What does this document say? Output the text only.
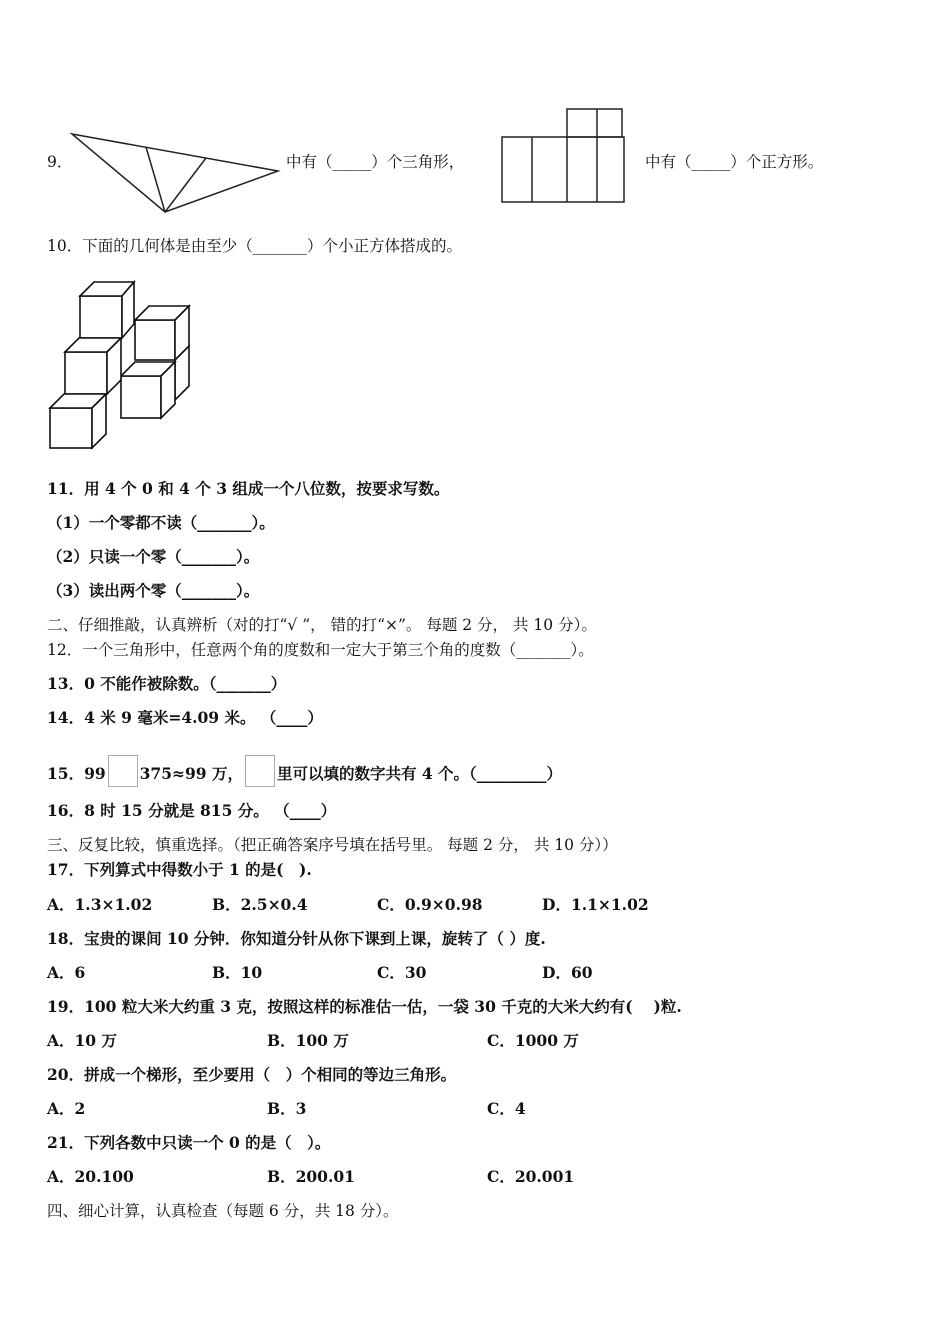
9．	中有（_____）个三角形，	中有（_____）个正方形。
10．下面的几何体是由至少（_______）个小正方体搭成的。
11．用 4 个 0 和 4 个 3 组成一个八位数，按要求写数。
（1）一个零都不读（_______）。
（2）只读一个零（_______）。
（3）读出两个零（_______）。
二、仔细推敲，认真辨析（对的打“√ ”， 错的打“×”。 每题 2 分， 共 10 分）。
12．一个三角形中，任意两个角的度数和一定大于第三个角的度数（_______）。
13．0 不能作被除数。（_______）
14．4 米 9 毫米=4.09 米。 （____）
15．99 375≈99 万， 里可以填的数字共有 4 个。（_________）
16．8 时 15 分就是 815 分。 （____）
三、反复比较，慎重选择。（把正确答案序号填在括号里。 每题 2 分， 共 10 分））
17．下列算式中得数小于 1 的是(　).
A．1.3×1.02	B．2.5×0.4	C．0.9×0.98	D．1.1×1.02
18．宝贵的课间 10 分钟．你知道分针从你下课到上课，旋转了（ ）度.
A．6	B．10	C．30	D．60
19．100 粒大米大约重 3 克，按照这样的标准估一估，一袋 30 千克的大米大约有(　 )粒.
A．10 万	B．100 万	C．1000 万
20．拼成一个梯形，至少要用（　）个相同的等边三角形。
A．2	B．3	C．4
21．下列各数中只读一个 0 的是（　）。
A．20.100	B．200.01	C．20.001
四、细心计算，认真检查（每题 6 分，共 18 分）。
